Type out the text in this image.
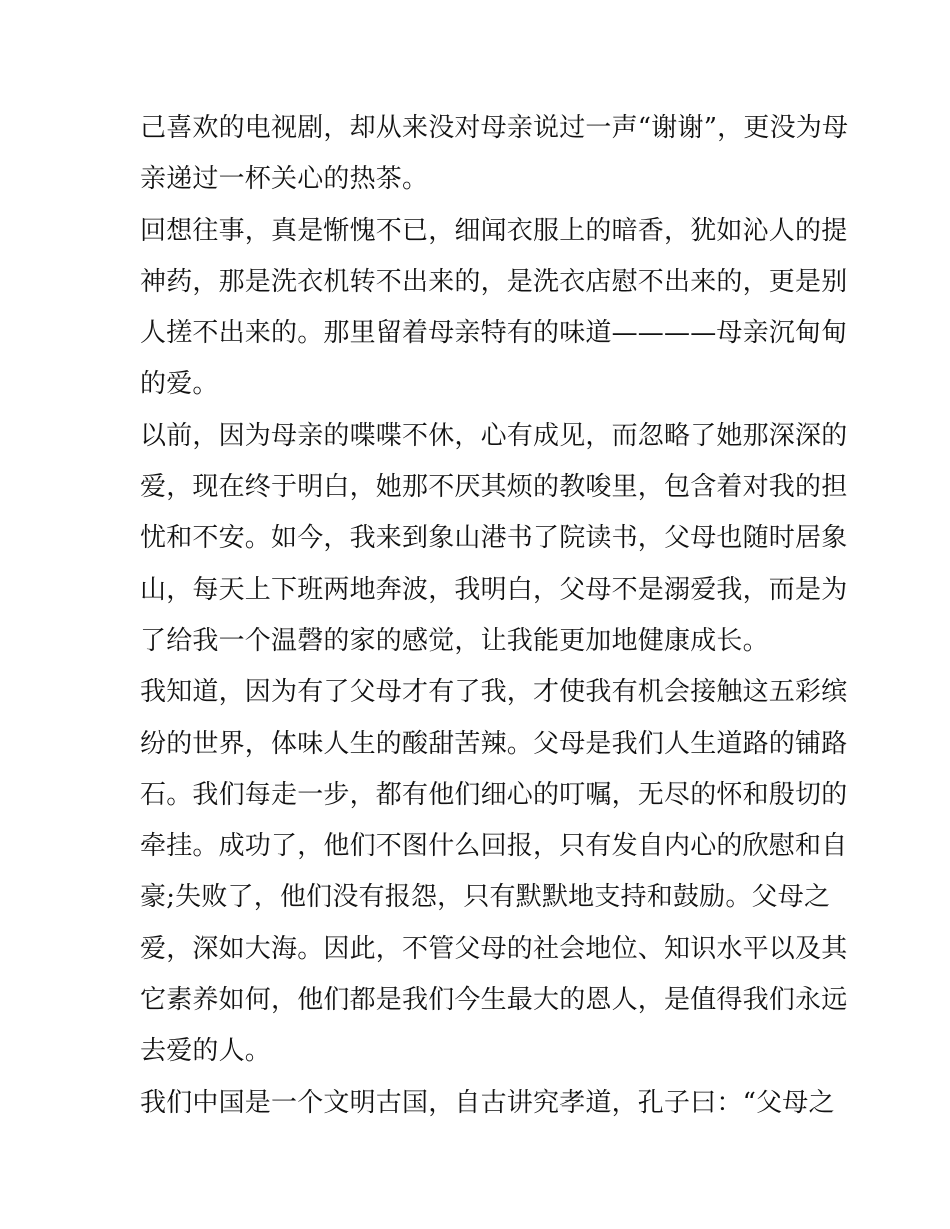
己喜欢的电视剧，却从来没对母亲说过一声“谢谢”，更没为母
亲递过一杯关心的热茶。

回想往事，真是惭愧不已，细闻衣服上的暗香，犹如沁人的提
神药，那是洗衣机转不出来的，是洗衣店慰不出来的，更是别
人搓不出来的。那里留着母亲特有的味道————母亲沉甸甸
的爱。

以前，因为母亲的喋喋不休，心有成见，而忽略了她那深深的
爱，现在终于明白，她那不厌其烦的教唆里，包含着对我的担
忧和不安。如今，我来到象山港书了院读书，父母也随时居象
山，每天上下班两地奔波，我明白，父母不是溺爱我，而是为
了给我一个温磬的家的感觉，让我能更加地健康成长。

我知道，因为有了父母才有了我，才使我有机会接触这五彩缤
纷的世界，体味人生的酸甜苦辣。父母是我们人生道路的铺路
石。我们每走一步，都有他们细心的叮嘱，无尽的怀和殷切的
牵挂。成功了，他们不图什么回报，只有发自内心的欣慰和自
豪;失败了，他们没有报怨，只有默默地支持和鼓励。父母之
爱，深如大海。因此，不管父母的社会地位、知识水平以及其
它素养如何，他们都是我们今生最大的恩人，是值得我们永远
去爱的人。

我们中国是一个文明古国，自古讲究孝道，孔子曰：“父母之
